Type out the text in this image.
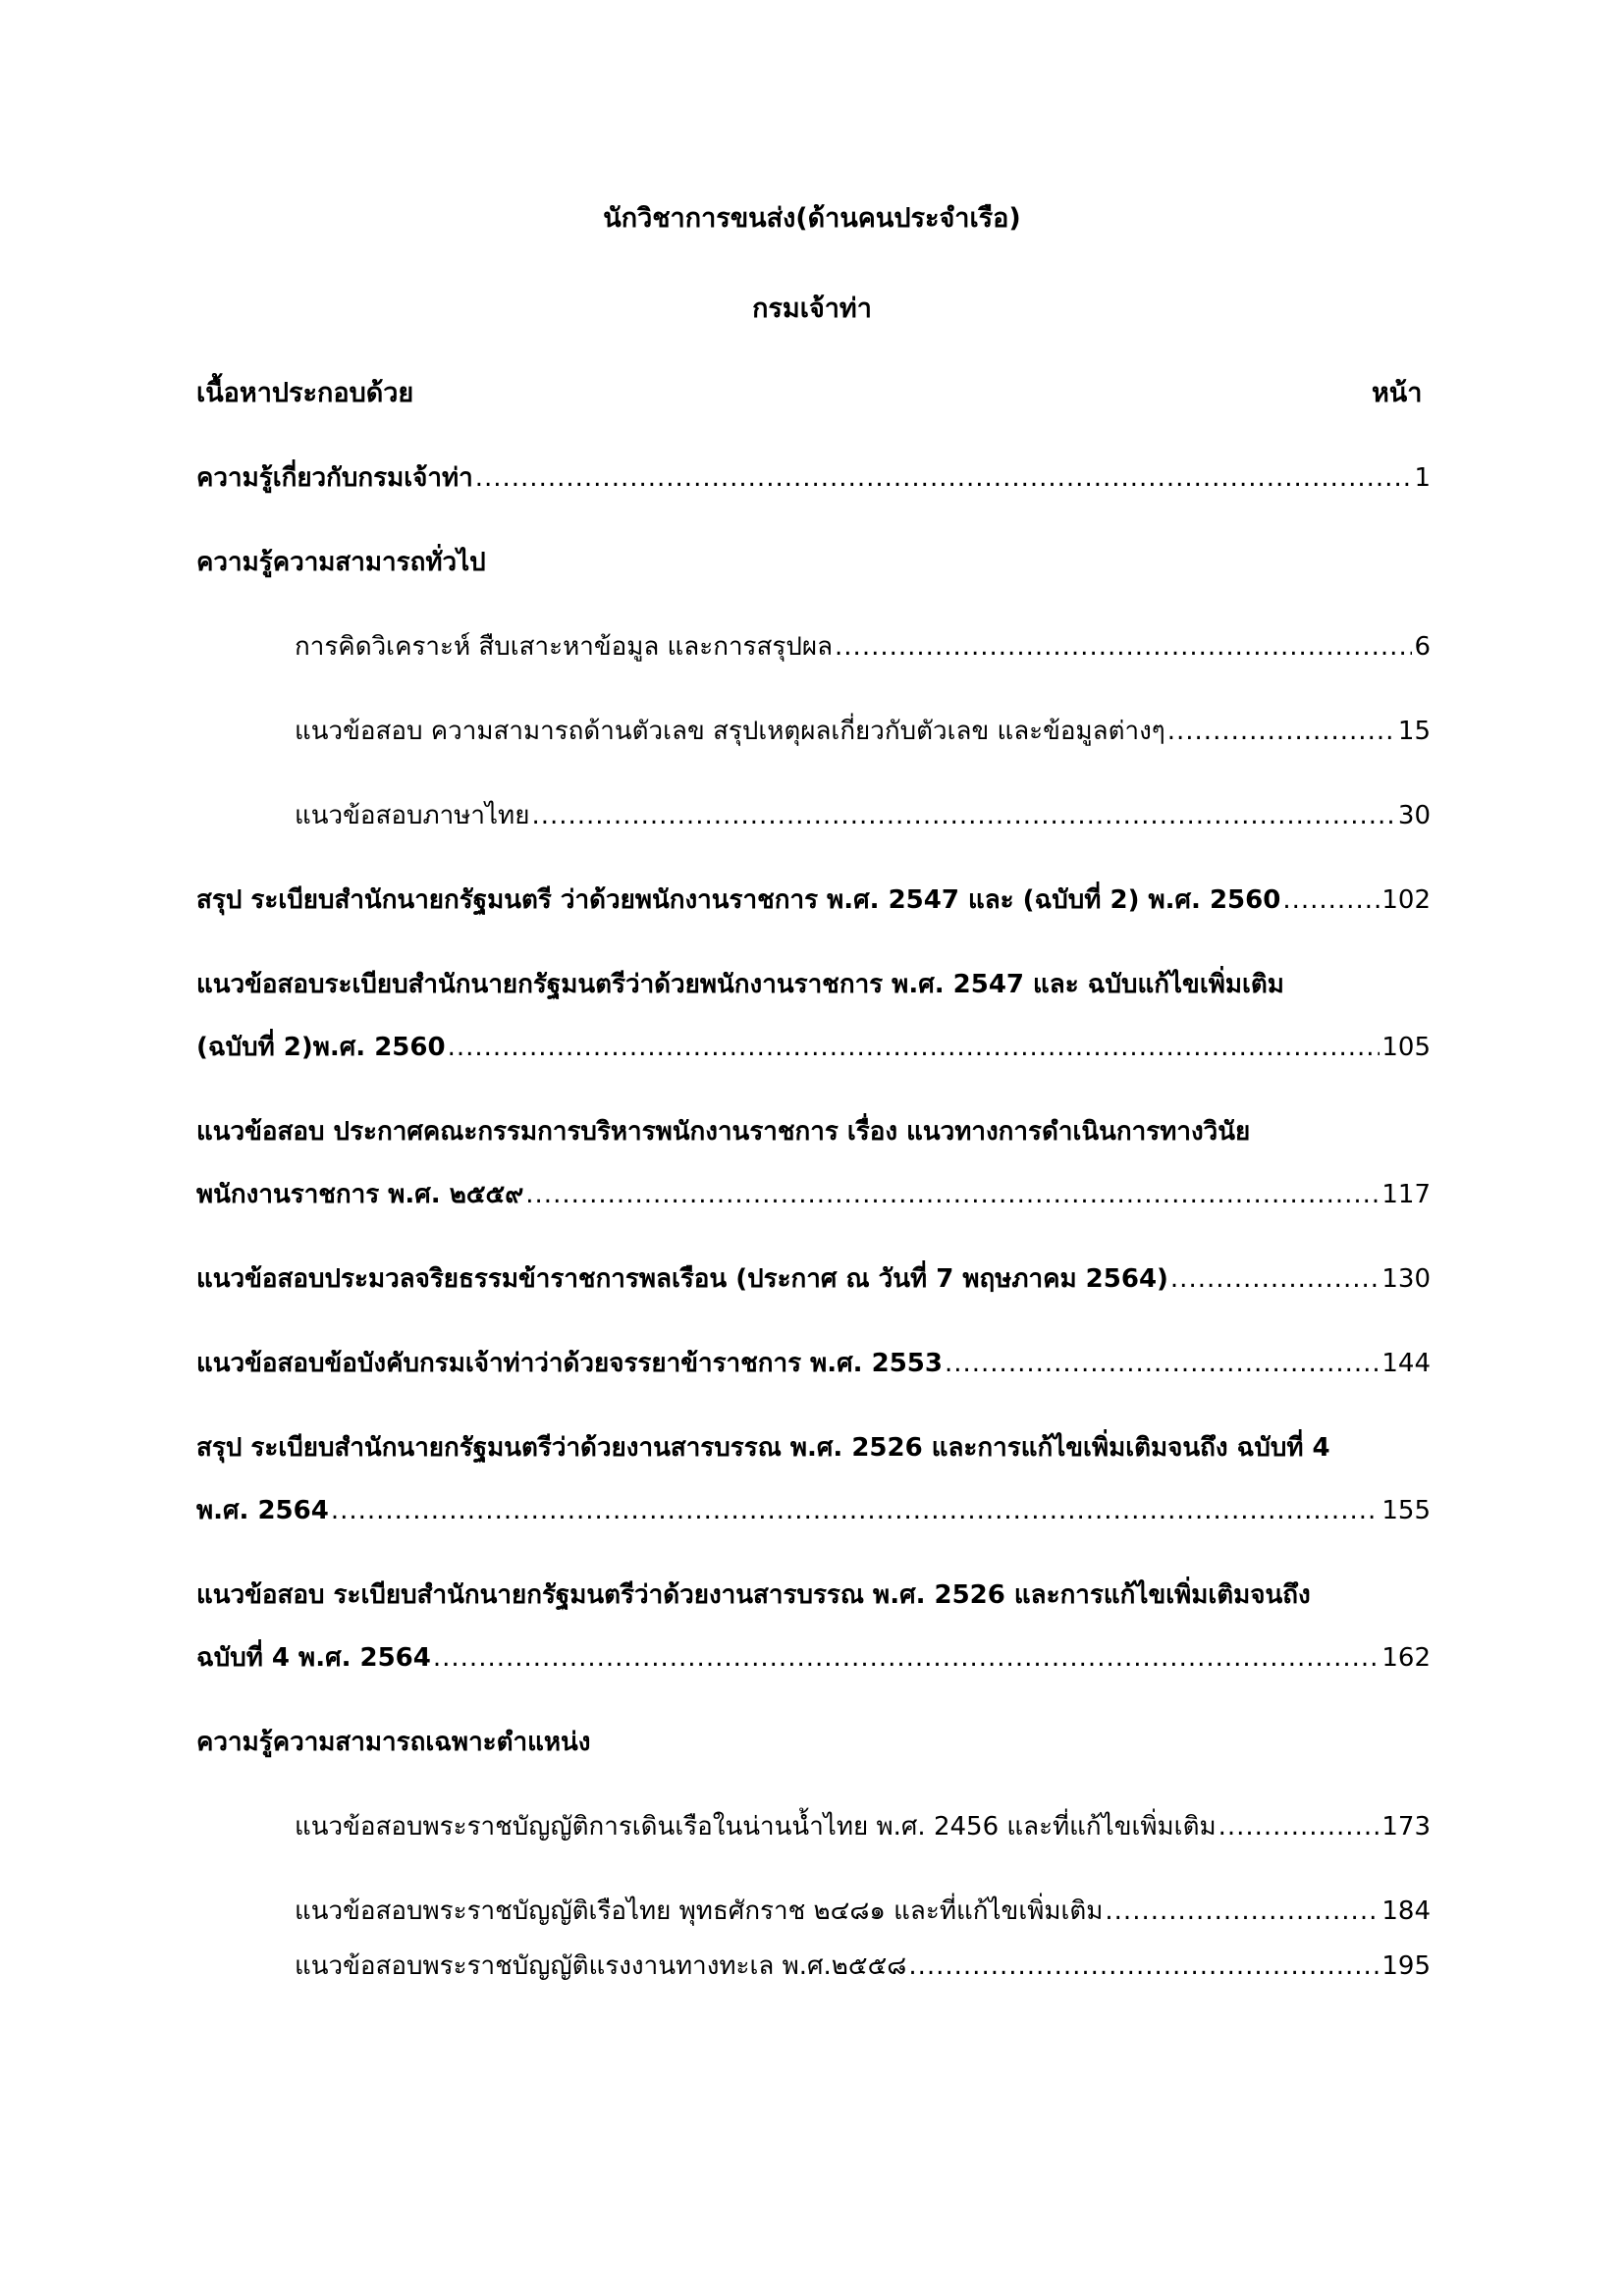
นักวิชาการขนส่ง(ด้านคนประจำเรือ)
กรมเจ้าท่า
เนื้อหาประกอบด้วย	หน้า
ความรู้เกี่ยวกับกรมเจ้าท่า .....	1
ความรู้ความสามารถทั่วไป
การคิดวิเคราะห์ สืบเสาะหาข้อมูล และการสรุปผล .....	6
แนวข้อสอบ ความสามารถด้านตัวเลข สรุปเหตุผลเกี่ยวกับตัวเลข และข้อมูลต่างๆ .....	15
แนวข้อสอบภาษาไทย .....	30
สรุป ระเบียบสำนักนายกรัฐมนตรี ว่าด้วยพนักงานราชการ พ.ศ. 2547 และ (ฉบับที่ 2) พ.ศ. 2560 .....	102
แนวข้อสอบระเบียบสำนักนายกรัฐมนตรีว่าด้วยพนักงานราชการ พ.ศ. 2547 และ ฉบับแก้ไขเพิ่มเติม
(ฉบับที่ 2)พ.ศ. 2560 .....	105
แนวข้อสอบ ประกาศคณะกรรมการบริหารพนักงานราชการ เรื่อง แนวทางการดำเนินการทางวินัย
พนักงานราชการ พ.ศ. ๒๕๕๙ .....	117
แนวข้อสอบประมวลจริยธรรมข้าราชการพลเรือน (ประกาศ ณ วันที่ 7 พฤษภาคม 2564) .....	130
แนวข้อสอบข้อบังคับกรมเจ้าท่าว่าด้วยจรรยาข้าราชการ พ.ศ. 2553 .....	144
สรุป ระเบียบสำนักนายกรัฐมนตรีว่าด้วยงานสารบรรณ พ.ศ. 2526 และการแก้ไขเพิ่มเติมจนถึง ฉบับที่ 4
พ.ศ. 2564 .....	155
แนวข้อสอบ ระเบียบสำนักนายกรัฐมนตรีว่าด้วยงานสารบรรณ พ.ศ. 2526 และการแก้ไขเพิ่มเติมจนถึง
ฉบับที่ 4 พ.ศ. 2564 .....	162
ความรู้ความสามารถเฉพาะตำแหน่ง
แนวข้อสอบพระราชบัญญัติการเดินเรือในน่านน้ำไทย พ.ศ. 2456 และที่แก้ไขเพิ่มเติม .....	173
แนวข้อสอบพระราชบัญญัติเรือไทย พุทธศักราช ๒๔๘๑ และที่แก้ไขเพิ่มเติม .....	184
แนวข้อสอบพระราชบัญญัติแรงงานทางทะเล พ.ศ.๒๕๕๘ .....	195
